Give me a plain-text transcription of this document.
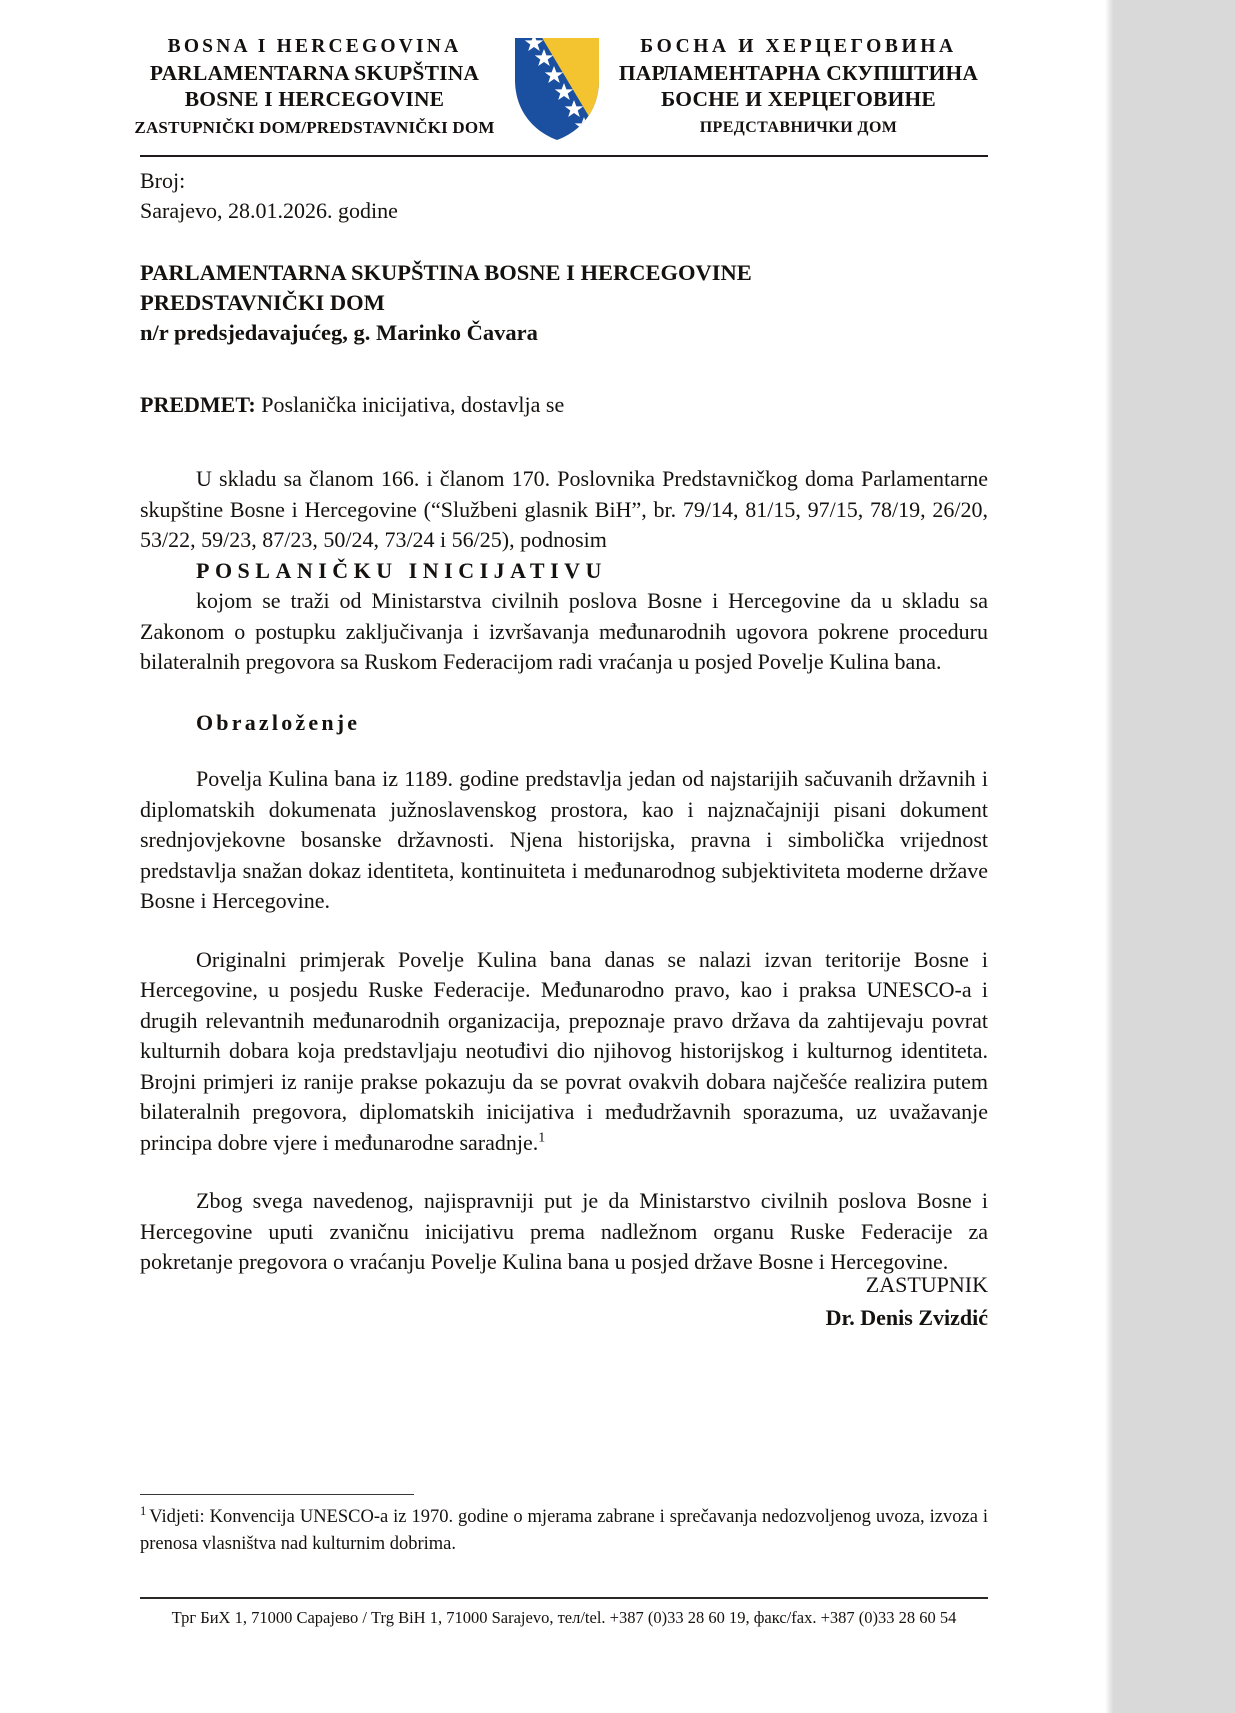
BOSNA I HERCEGOVINA
PARLAMENTARNA SKUPŠTINA
BOSNE I HERCEGOVINE
ZASTUPNIČKI DOM/PREDSTAVNIČKI DOM
БОСНА И ХЕРЦЕГОВИНА
ПАРЛАМЕНТАРНА СКУПШТИНА
БОСНЕ И ХЕРЦЕГОВИНЕ
ПРЕДСТАВНИЧКИ ДОМ
Broj:
Sarajevo, 28.01.2026. godine
PARLAMENTARNA SKUPŠTINA BOSNE I HERCEGOVINE
PREDSTAVNIČKI DOM
n/r predsjedavajućeg, g. Marinko Čavara
PREDMET: Poslanička inicijativa, dostavlja se

U skladu sa članom 166. i članom 170. Poslovnika Predstavničkog doma Parlamentarne skupštine Bosne i Hercegovine (“Službeni glasnik BiH”, br. 79/14, 81/15, 97/15, 78/19, 26/20, 53/22, 59/23, 87/23, 50/24, 73/24 i 56/25), podnosim

POSLANIČKU INICIJATIVU

kojom se traži od Ministarstva civilnih poslova Bosne i Hercegovine da u skladu sa Zakonom o postupku zaključivanja i izvršavanja međunarodnih ugovora pokrene proceduru bilateralnih pregovora sa Ruskom Federacijom radi vraćanja u posjed Povelje Kulina bana.

Obrazloženje

Povelja Kulina bana iz 1189. godine predstavlja jedan od najstarijih sačuvanih državnih i diplomatskih dokumenata južnoslavenskog prostora, kao i najznačajniji pisani dokument srednjovjekovne bosanske državnosti. Njena historijska, pravna i simbolička vrijednost predstavlja snažan dokaz identiteta, kontinuiteta i međunarodnog subjektiviteta moderne države Bosne i Hercegovine.

Originalni primjerak Povelje Kulina bana danas se nalazi izvan teritorije Bosne i Hercegovine, u posjedu Ruske Federacije. Međunarodno pravo, kao i praksa UNESCO-a i drugih relevantnih međunarodnih organizacija, prepoznaje pravo država da zahtijevaju povrat kulturnih dobara koja predstavljaju neotuđivi dio njihovog historijskog i kulturnog identiteta. Brojni primjeri iz ranije prakse pokazuju da se povrat ovakvih dobara najčešće realizira putem bilateralnih pregovora, diplomatskih inicijativa i međudržavnih sporazuma, uz uvažavanje principa dobre vjere i međunarodne saradnje.$^1$

Zbog svega navedenog, najispravniji put je da Ministarstvo civilnih poslova Bosne i Hercegovine uputi zvaničnu inicijativu prema nadležnom organu Ruske Federacije za pokretanje pregovora o vraćanju Povelje Kulina bana u posjed države Bosne i Hercegovine.

ZASTUPNIK
Dr. Denis Zvizdić
$^1$ Vidjeti: Konvencija UNESCO-a iz 1970. godine o mjerama zabrane i sprečavanja nedozvoljenog uvoza, izvoza i prenosa vlasništva nad kulturnim dobrima.
Трг БиХ 1, 71000 Сарајево / Trg BiH 1, 71000 Sarajevo, тел/tel. +387 (0)33 28 60 19, факс/fax. +387 (0)33 28 60 54
